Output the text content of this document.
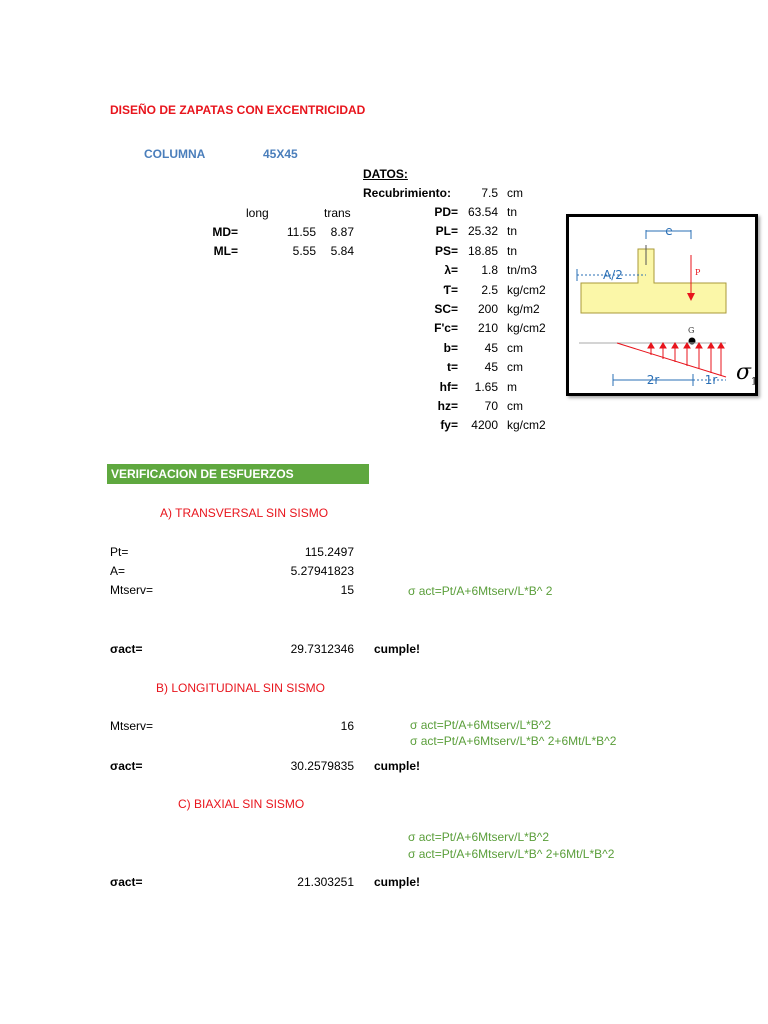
DISEÑO DE ZAPATAS CON EXCENTRICIDAD
COLUMNA	45X45
long	trans
MD=	11.55	8.87
ML=	5.55	5.84
DATOS:
Recubrimiento:	7.5 cm
PD= 63.54 tn
PL= 25.32 tn
PS= 18.85 tn
λ=	1.8 tn/m3
Ƭ=	2.5 kg/cm2
SC=	200 kg/m2
F'c=	210 kg/cm2
b=	45 cm
t=	45 cm
hf=	1.65 m
hz=	70 cm
fy=	4200 kg/cm2
e
A/2	P
G
2r	1r $\sigma_1$
VERIFICACION DE ESFUERZOS
A) TRANSVERSAL SIN SISMO
Pt=	115.2497
A=	5.27941823
Mtserv=	15	σ act=Pt/A+6Mtserv/L*B^ 2
σact=	29.7312346 cumple!
B) LONGITUDINAL SIN SISMO
Mtserv=	16	σ act=Pt/A+6Mtserv/L*B^2
σ act=Pt/A+6Mtserv/L*B^ 2+6Mt/L*B^2
σact=	30.2579835 cumple!
C) BIAXIAL SIN SISMO
σ act=Pt/A+6Mtserv/L*B^2
σ act=Pt/A+6Mtserv/L*B^ 2+6Mt/L*B^2
σact=	21.303251 cumple!
